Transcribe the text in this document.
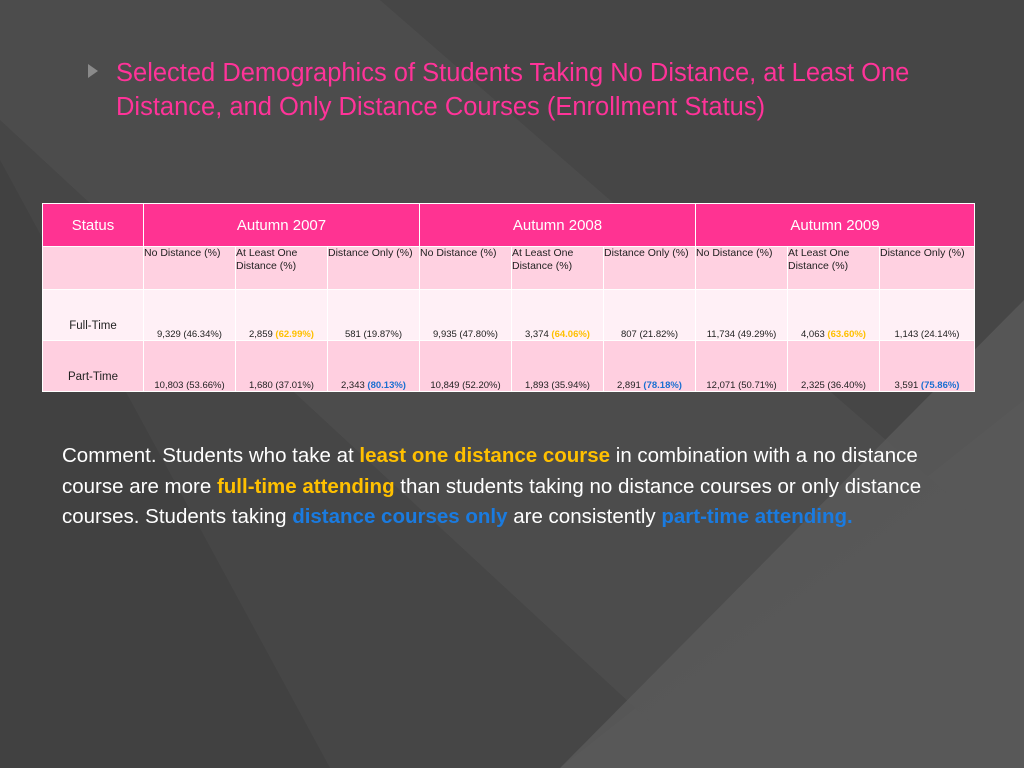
Selected Demographics of Students Taking No Distance, at Least One Distance, and Only Distance Courses (Enrollment Status)
Status	Autumn 2007			Autumn 2008			Autumn 2009		
	No Distance (%)	At Least One Distance (%)	Distance Only (%)	No Distance (%)	At Least One Distance (%)	Distance Only (%)	No Distance (%)	At Least One Distance (%)	Distance Only (%)
Full-Time	9,329 (46.34%)	2,859 (62.99%)	581 (19.87%)	9,935 (47.80%)	3,374 (64.06%)	807 (21.82%)	11,734 (49.29%)	4,063 (63.60%)	1,143 (24.14%)
Part-Time	10,803 (53.66%)	1,680 (37.01%)	2,343 (80.13%)	10,849 (52.20%)	1,893 (35.94%)	2,891 (78.18%)	12,071 (50.71%)	2,325 (36.40%)	3,591 (75.86%)

Comment. Students who take at least one distance course in combination with a no distance course are more full-time attending than students taking no distance courses or only distance courses. Students taking distance courses only are consistently part-time attending.
